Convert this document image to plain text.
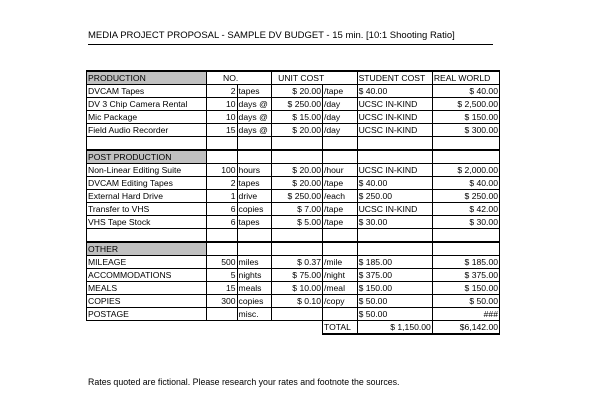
MEDIA PROJECT PROPOSAL - SAMPLE DV BUDGET - 15 min. [10:1 Shooting Ratio]
PRODUCTION	NO.		UNIT COST		STUDENT COST	REAL WORLD
DVCAM Tapes	2	tapes	$ 20.00	/tape	$ 40.00	$ 40.00
DV 3 Chip Camera Rental	10	days @	$ 250.00	/day	UCSC IN-KIND	$ 2,500.00
Mic Package	10	days @	$ 15.00	/day	UCSC IN-KIND	$ 150.00
Field Audio Recorder	15	days @	$ 20.00	/day	UCSC IN-KIND	$ 300.00

POST PRODUCTION						
Non-Linear Editing Suite	100	hours	$ 20.00	/hour	UCSC IN-KIND	$ 2,000.00
DVCAM Editing Tapes	2	tapes	$ 20.00	/tape	$ 40.00	$ 40.00
External Hard Drive	1	drive	$ 250.00	/each	$ 250.00	$ 250.00
Transfer to VHS	6	copies	$ 7.00	/tape	UCSC IN-KIND	$ 42.00
VHS Tape Stock	6	tapes	$ 5.00	/tape	$ 30.00	$ 30.00

OTHER						
MILEAGE	500	miles	$ 0.37	/mile	$ 185.00	$ 185.00
ACCOMMODATIONS	5	nights	$ 75.00	/night	$ 375.00	$ 375.00
MEALS	15	meals	$ 10.00	/meal	$ 150.00	$ 150.00
COPIES	300	copies	$ 0.10	/copy	$ 50.00	$ 50.00
POSTAGE		misc.			$ 50.00	###
				TOTAL	$ 1,150.00	$6,142.00
Rates quoted are fictional. Please research your rates and footnote the sources.
